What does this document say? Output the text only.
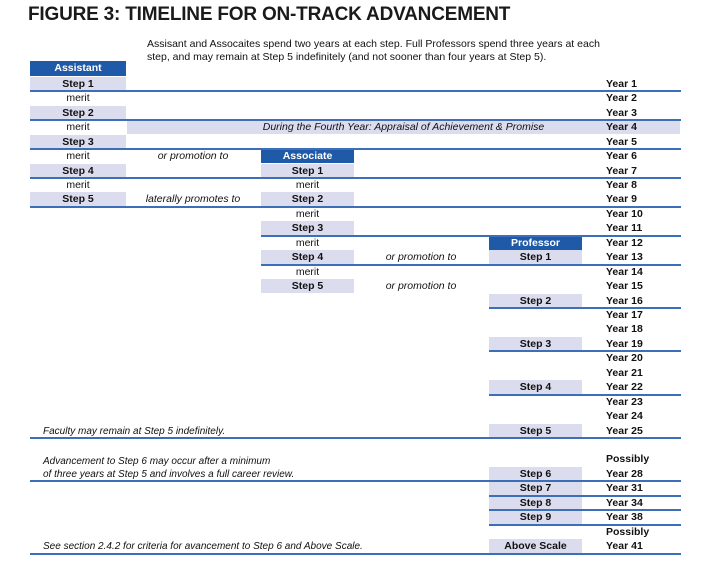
FIGURE 3: TIMELINE FOR ON-TRACK ADVANCEMENT
Assisant and Assocaites spend two years at each step. Full Professors spend three years at each step, and may remain at Step 5 indefinitely (and not sooner than four years at Step 5).
Assistant
Step 1
merit
Step 2
merit
Step 3
merit
Step 4
merit
Step 5
During the Fourth Year: Appraisal of Achievement & Promise
or promotion to
laterally promotes to
Associate
Step 1
merit
Step 2
merit
Step 3
merit
Step 4
merit
Step 5
or promotion to
or promotion to
Professor
Step 1
Step 2
Step 3
Step 4
Step 5
Step 6
Step 7
Step 8
Step 9
Above Scale
Year 1
Year 2
Year 3
Year 4
Year 5
Year 6
Year 7
Year 8
Year 9
Year 10
Year 11
Year 12
Year 13
Year 14
Year 15
Year 16
Year 17
Year 18
Year 19
Year 20
Year 21
Year 22
Year 23
Year 24
Year 25
Possibly
Year 28
Year 31
Year 34
Year 38
Possibly
Year 41
Faculty may remain at Step 5 indefinitely.
Advancement to Step 6 may occur after a minimum
of three years at Step 5 and involves a full career review.
See section 2.4.2 for criteria for avancement to Step 6 and Above Scale.
